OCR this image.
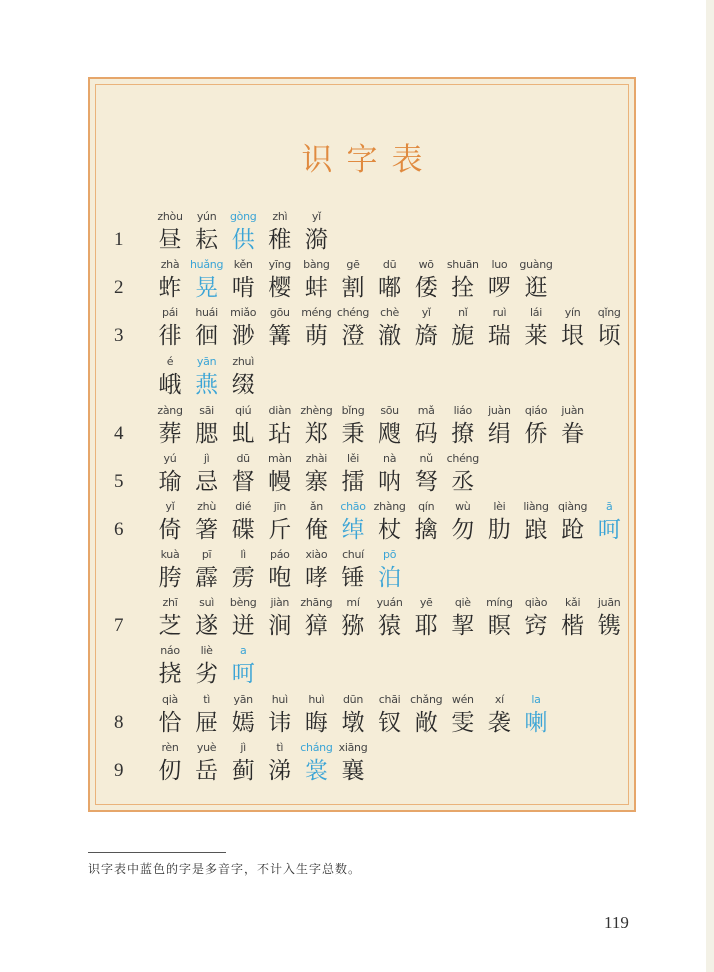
识字表
1
zhòu
昼
yún
耘
gòng
供
zhì
稚
yǐ
漪
2
zhà
蚱
huǎng
晃
kěn
啃
yīng
樱
bàng
蚌
gē
割
dū
嘟
wō
倭
shuān
拴
luo
啰
guàng
逛
3
pái
徘
huái
徊
miǎo
渺
gōu
篝
méng
萌
chéng
澄
chè
澈
yǐ
旖
nǐ
旎
ruì
瑞
lái
莱
yín
垠
qǐng
顷
é
峨
yān
燕
zhuì
缀
4
zàng
葬
sāi
腮
qiú
虬
diàn
玷
zhèng
郑
bǐng
秉
sōu
飕
mǎ
码
liáo
撩
juàn
绢
qiáo
侨
juàn
眷
5
yú
瑜
jì
忌
dū
督
màn
幔
zhài
寨
lěi
擂
nà
呐
nǔ
弩
chéng
丞
6
yǐ
倚
zhù
箸
dié
碟
jīn
斤
ǎn
俺
chāo
绰
zhàng
杖
qín
擒
wù
勿
lèi
肋
liàng
踉
qiàng
跄
ā
呵
kuà
胯
pī
霹
lì
雳
páo
咆
xiào
哮
chuí
锤
pō
泊
7
zhī
芝
suì
遂
bèng
迸
jiàn
涧
zhāng
獐
mí
猕
yuán
猿
yē
耶
qiè
挈
míng
瞑
qiào
窍
kǎi
楷
juān
镌
náo
挠
liè
劣
a
呵
8
qià
恰
tì
屉
yān
嫣
huì
讳
huì
晦
dūn
墩
chāi
钗
chǎng
敞
wén
雯
xí
袭
la
喇
9
rèn
仞
yuè
岳
jì
蓟
tì
涕
cháng
裳
xiāng
襄
识字表中蓝色的字是多音字，不计入生字总数。
119
